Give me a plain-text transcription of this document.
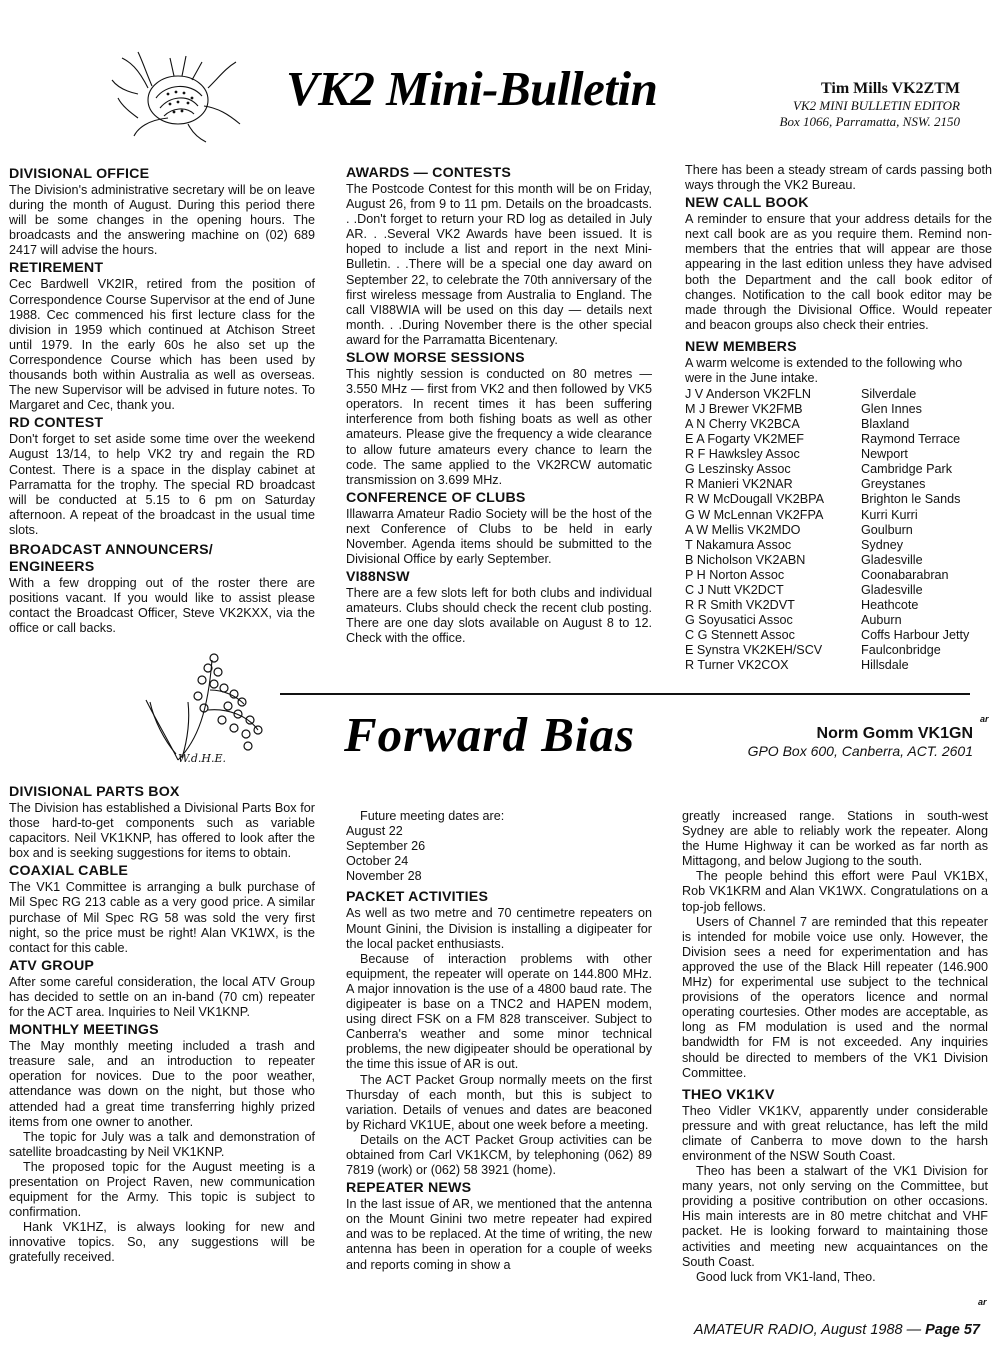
VK2 Mini-Bulletin	Tim Mills VK2ZTM
VK2 MINI BULLETIN EDITOR
Box 1066, Parramatta, NSW. 2150
DIVISIONAL OFFICE

The Division's administrative secretary will be on leave during the month of August. During this period there will be some changes in the opening hours. The broadcasts and the answering machine on (02) 689 2417 will advise the hours.

RETIREMENT

Cec Bardwell VK2IR, retired from the position of Correspondence Course Supervisor at the end of June 1988. Cec commenced his first lecture class for the division in 1959 which continued at Atchison Street until 1979. In the early 60s he also set up the Correspondence Course which has been used by thousands both within Australia as well as overseas. The new Supervisor will be advised in future notes. To Margaret and Cec, thank you.

RD CONTEST

Don't forget to set aside some time over the weekend August 13/14, to help VK2 try and regain the RD Contest. There is a space in the display cabinet at Parramatta for the trophy. The special RD broadcast will be conducted at 5.15 to 6 pm on Saturday afternoon. A repeat of the broadcast in the usual time slots.

BROADCAST ANNOUNCERS/
ENGINEERS

With a few dropping out of the roster there are positions vacant. If you would like to assist please contact the Broadcast Officer, Steve VK2KXX, via the office or call backs.

AWARDS — CONTESTS

The Postcode Contest for this month will be on Friday, August 26, from 9 to 11 pm. Details on the broadcasts. . .Don't forget to return your RD log as detailed in July AR. . .Several VK2 Awards have been issued. It is hoped to include a list and report in the next Mini-Bulletin. . .There will be a special one day award on September 22, to celebrate the 70th anniversary of the first wireless message from Australia to England. The call VI88WIA will be used on this day — details next month. . .During November there is the other special award for the Parramatta Bicentenary.

SLOW MORSE SESSIONS

This nightly session is conducted on 80 metres — 3.550 MHz — first from VK2 and then followed by VK5 operators. In recent times it has been suffering interference from both fishing boats as well as other amateurs. Please give the frequency a wide clearance to allow future amateurs every chance to learn the code. The same applied to the VK2RCW automatic transmission on 3.699 MHz.

CONFERENCE OF CLUBS

Illawarra Amateur Radio Society will be the host of the next Conference of Clubs to be held in early November. Agenda items should be submitted to the Divisional Office by early September.

VI88NSW

There are a few slots left for both clubs and individual amateurs. Clubs should check the recent club posting. There are one day slots available on August 8 to 12. Check with the office.

There has been a steady stream of cards passing both ways through the VK2 Bureau.

NEW CALL BOOK

A reminder to ensure that your address details for the next call book are as you require them. Remind non-members that the entries that will appear are those appearing in the last edition unless they have advised both the Department and the call book editor of changes. Notification to the call book editor may be made through the Divisional Office. Would repeater and beacon groups also check their entries.

NEW MEMBERS

A warm welcome is extended to the following who were in the June intake.

J V Anderson VK2FLN	Silverdale
M J Brewer VK2FMB	Glen Innes
A N Cherry VK2BCA	Blaxland
E A Fogarty VK2MEF	Raymond Terrace
R F Hawksley Assoc	Newport
G Leszinsky Assoc	Cambridge Park
R Manieri VK2NAR	Greystanes
R W McDougall VK2BPA	Brighton le Sands
G W McLennan VK2FPA	Kurri Kurri
A W Mellis VK2MDO	Goulburn
T Nakamura Assoc	Sydney
B Nicholson VK2ABN	Gladesville
P H Norton Assoc	Coonabarabran
C J Nutt VK2DCT	Gladesville
R R Smith VK2DVT	Heathcote
G Soyusatici Assoc	Auburn
C G Stennett Assoc	Coffs Harbour Jetty
E Synstra VK2KEH/SCV	Faulconbridge
R Turner VK2COX	Hillsdale
ar
W.d.H.E. Forward Bias	Norm Gomm VK1GN
GPO Box 600, Canberra, ACT. 2601
DIVISIONAL PARTS BOX

The Division has established a Divisional Parts Box for those hard-to-get components such as variable capacitors. Neil VK1KNP, has offered to look after the box and is seeking suggestions for items to obtain.

COAXIAL CABLE

The VK1 Committee is arranging a bulk purchase of Mil Spec RG 213 cable as a very good price. A similar purchase of Mil Spec RG 58 was sold the very first night, so the price must be right! Alan VK1WX, is the contact for this cable.

ATV GROUP

After some careful consideration, the local ATV Group has decided to settle on an in-band (70 cm) repeater for the ACT area. Inquiries to Neil VK1KNP.

MONTHLY MEETINGS

The May monthly meeting included a trash and treasure sale, and an introduction to repeater operation for novices. Due to the poor weather, attendance was down on the night, but those who attended had a great time transferring highly prized items from one owner to another.

The topic for July was a talk and demonstration of satellite broadcasting by Neil VK1KNP.

The proposed topic for the August meeting is a presentation on Project Raven, new communication equipment for the Army. This topic is subject to confirmation.

Hank VK1HZ, is always looking for new and innovative topics. So, any suggestions will be gratefully received.

Future meeting dates are:

August 22
September 26
October 24
November 28
PACKET ACTIVITIES

As well as two metre and 70 centimetre repeaters on Mount Ginini, the Division is installing a digipeater for the local packet enthusiasts.

Because of interaction problems with other equipment, the repeater will operate on 144.800 MHz. A major innovation is the use of a 4800 baud rate. The digipeater is base on a TNC2 and HAPEN modem, using direct FSK on a FM 828 transceiver. Subject to Canberra's weather and some minor technical problems, the new digipeater should be operational by the time this issue of AR is out.

The ACT Packet Group normally meets on the first Thursday of each month, but this is subject to variation. Details of venues and dates are beaconed by Richard VK1UE, about one week before a meeting.

Details on the ACT Packet Group activities can be obtained from Carl VK1KCM, by telephoning (062) 89 7819 (work) or (062) 58 3921 (home).

REPEATER NEWS

In the last issue of AR, we mentioned that the antenna on the Mount Ginini two metre repeater had expired and was to be replaced. At the time of writing, the new antenna has been in operation for a couple of weeks and reports coming in show a

greatly increased range. Stations in south-west Sydney are able to reliably work the repeater. Along the Hume Highway it can be worked as far north as Mittagong, and below Jugiong to the south.

The people behind this effort were Paul VK1BX, Rob VK1KRM and Alan VK1WX. Congratulations on a top-job fellows.

Users of Channel 7 are reminded that this repeater is intended for mobile voice use only. However, the Division sees a need for experimentation and has approved the use of the Black Hill repeater (146.900 MHz) for experimental use subject to the technical provisions of the operators licence and normal operating courtesies. Other modes are acceptable, as long as FM modulation is used and the normal bandwidth for FM is not exceeded. Any inquiries should be directed to members of the VK1 Division Committee.

THEO VK1KV

Theo Vidler VK1KV, apparently under considerable pressure and with great reluctance, has left the mild climate of Canberra to move down to the harsh environment of the NSW South Coast.

Theo has been a stalwart of the VK1 Division for many years, not only serving on the Committee, but providing a positive contribution on other occasions. His main interests are in 80 metre chitchat and VHF packet. He is looking forward to maintaining those activities and meeting new acquaintances on the South Coast.

Good luck from VK1-land, Theo.

ar
AMATEUR RADIO, August 1988 — Page 57
